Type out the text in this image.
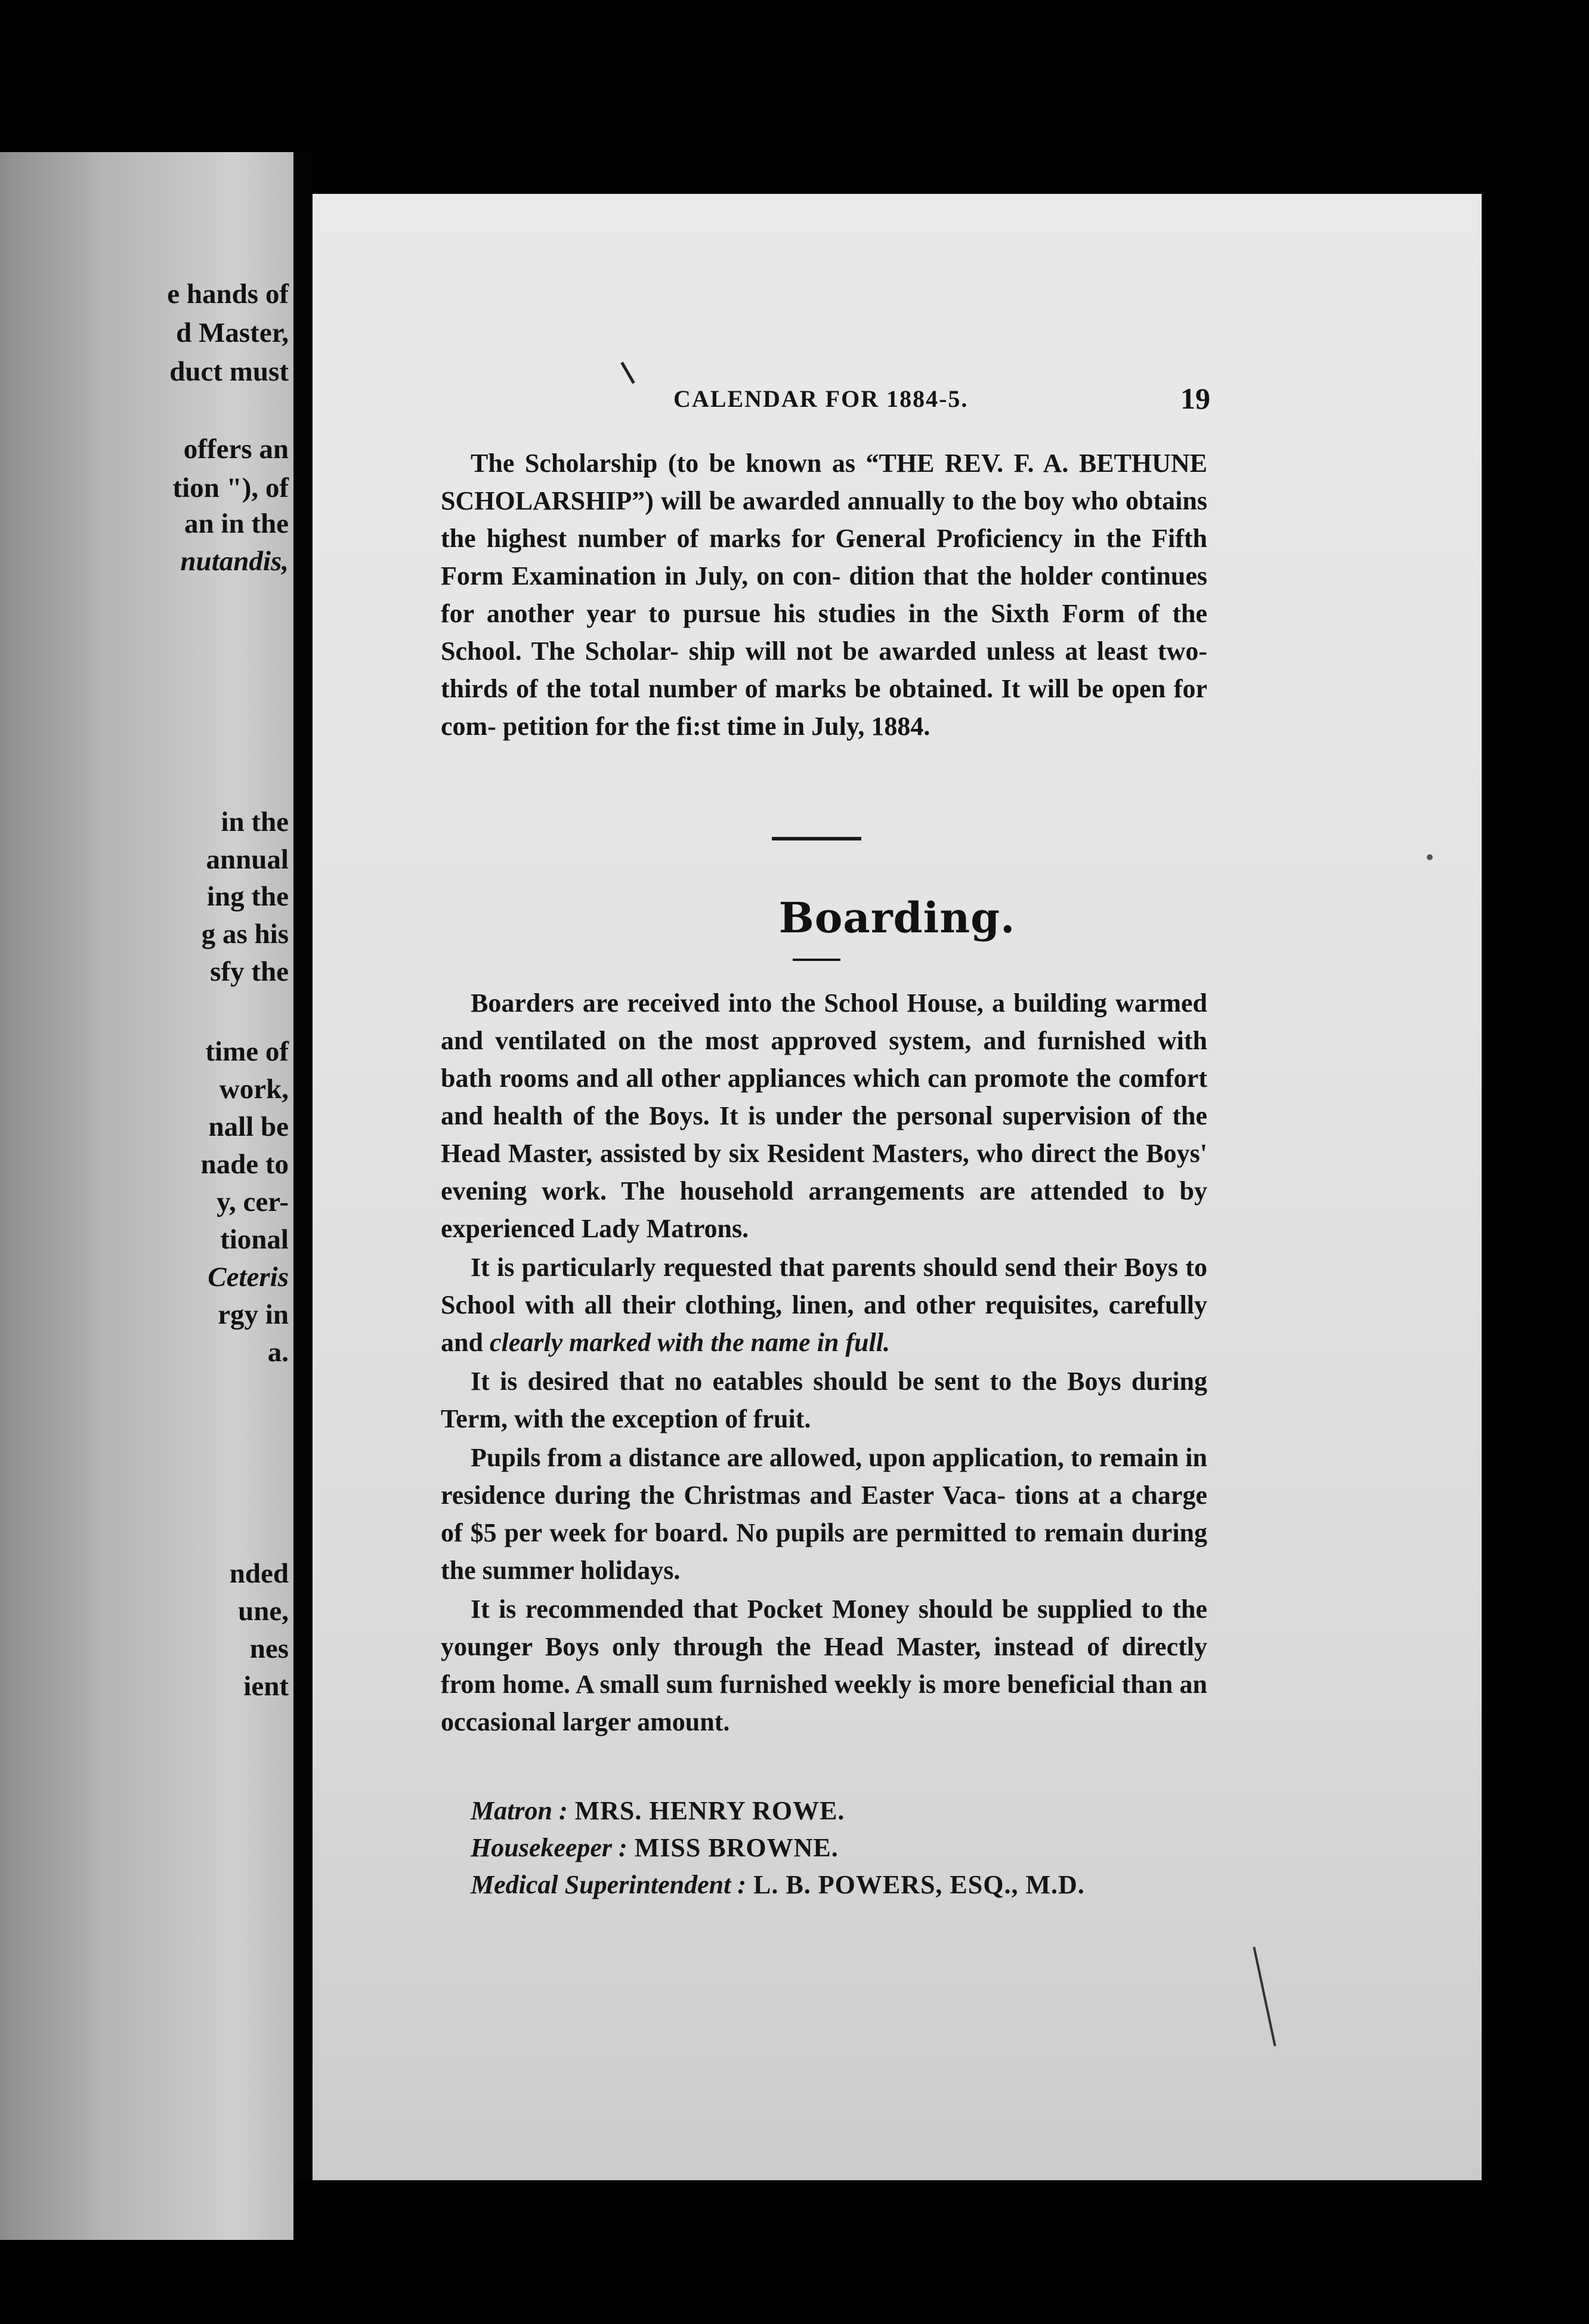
e hands of

d Master,

duct must

offers an

tion "), of

an in the

nutandis,

in the

annual

ing the

g as his

sfy the

time of

work,

nall be

nade to

y, cer-

tional

Ceteris

rgy in

a.

nded

une,

nes

ient

CALENDAR FOR 1884-5.	19

The Scholarship (to be known as “THE REV. F. A. BETHUNE SCHOLARSHIP”) will be awarded annually to the boy who obtains the highest number of marks for General Proficiency in the Fifth Form Examination in July, on con- dition that the holder continues for another year to pursue his studies in the Sixth Form of the School. The Scholar- ship will not be awarded unless at least two-thirds of the total number of marks be obtained. It will be open for com- petition for the fi:st time in July, 1884.

Boarding.

Boarders are received into the School House, a building warmed and ventilated on the most approved system, and furnished with bath rooms and all other appliances which can promote the comfort and health of the Boys. It is under the personal supervision of the Head Master, assisted by six Resident Masters, who direct the Boys' evening work. The household arrangements are attended to by experienced Lady Matrons.

It is particularly requested that parents should send their Boys to School with all their clothing, linen, and other requisites, carefully and clearly marked with the name in full.

It is desired that no eatables should be sent to the Boys during Term, with the exception of fruit.

Pupils from a distance are allowed, upon application, to remain in residence during the Christmas and Easter Vaca- tions at a charge of $5 per week for board. No pupils are permitted to remain during the summer holidays.

It is recommended that Pocket Money should be supplied to the younger Boys only through the Head Master, instead of directly from home. A small sum furnished weekly is more beneficial than an occasional larger amount.

Matron : MRS. HENRY ROWE.

Housekeeper : MISS BROWNE.

Medical Superintendent : L. B. POWERS, ESQ., M.D.
